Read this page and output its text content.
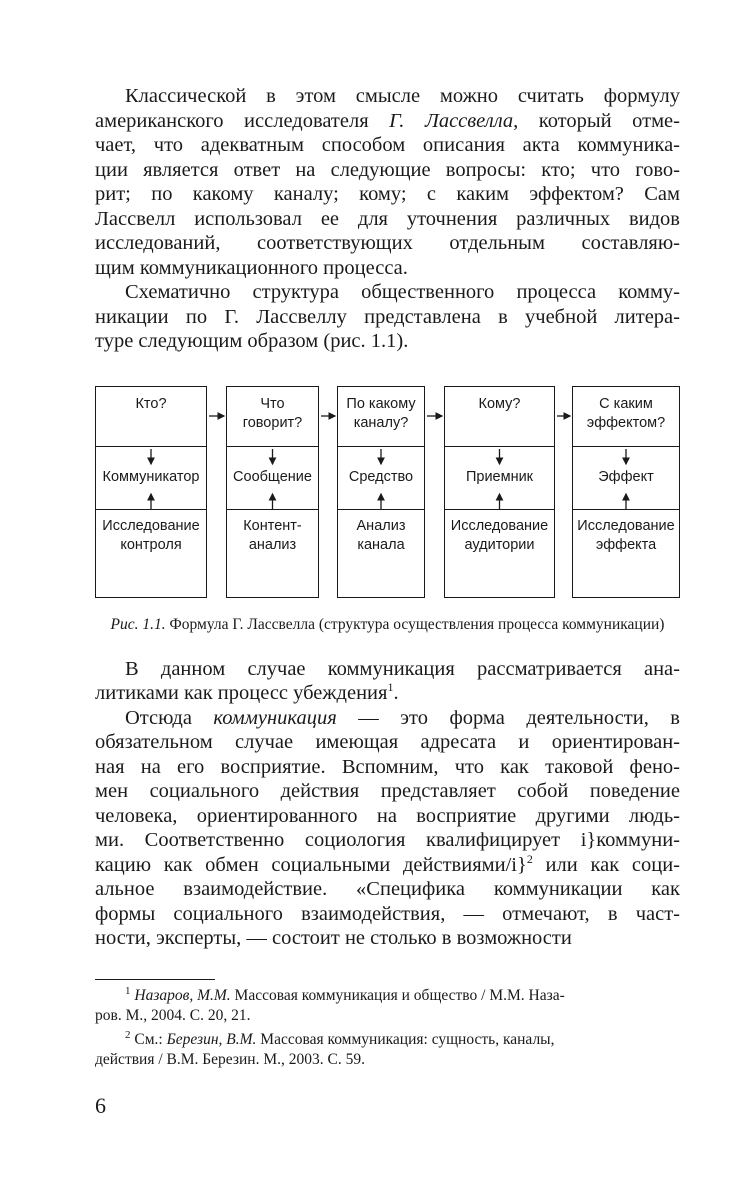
Классической в этом смысле можно считать формулу
американского исследователя Г. Лассвелла, который отме-
чает, что адекватным способом описания акта коммуника-
ции является ответ на следующие вопросы: кто; что гово-
рит; по какому каналу; кому; с каким эффектом? Сам
Лассвелл использовал ее для уточнения различных видов
исследований, соответствующих отдельным составляю-
щим коммуникационного процесса.

Схематично структура общественного процесса комму-
никации по Г. Лассвеллу представлена в учебной литера-
туре следующим образом (рис. 1.1).

Кто?
Коммуникатор
Исследование
контроля
Что
говорит?
Сообщение
Контент-
анализ
По какому
каналу?
Средство
Анализ
канала
Кому?
Приемник
Исследование
аудитории
С каким
эффектом?
Эффект
Исследование
эффекта
Рис. 1.1. Формула Г. Лассвелла (структура осуществления процесса коммуникации)

В данном случае коммуникация рассматривается ана-
литиками как процесс убеждения$^1$.

Отсюда коммуникация — это форма деятельности, в
обязательном случае имеющая адресата и ориентирован-
ная на его восприятие. Вспомним, что как таковой фено-
мен социального действия представляет собой поведение
человека, ориентированного на восприятие другими людь-
ми. Соответственно социология квалифицирует i}коммуни-
кацию как обмен социальными действиями/i}$^2$ или как соци-
альное взаимодействие. «Специфика коммуникации как
формы социального взаимодействия, — отмечают, в част-
ности, эксперты, — состоит не столько в возможности

$^1$ Назаров, М.М. Массовая коммуникация и общество / М.М. Наза-
ров. М., 2004. С. 20, 21.

$^2$ См.: Березин, В.М. Массовая коммуникация: сущность, каналы,
действия / В.М. Березин. М., 2003. С. 59.

6
